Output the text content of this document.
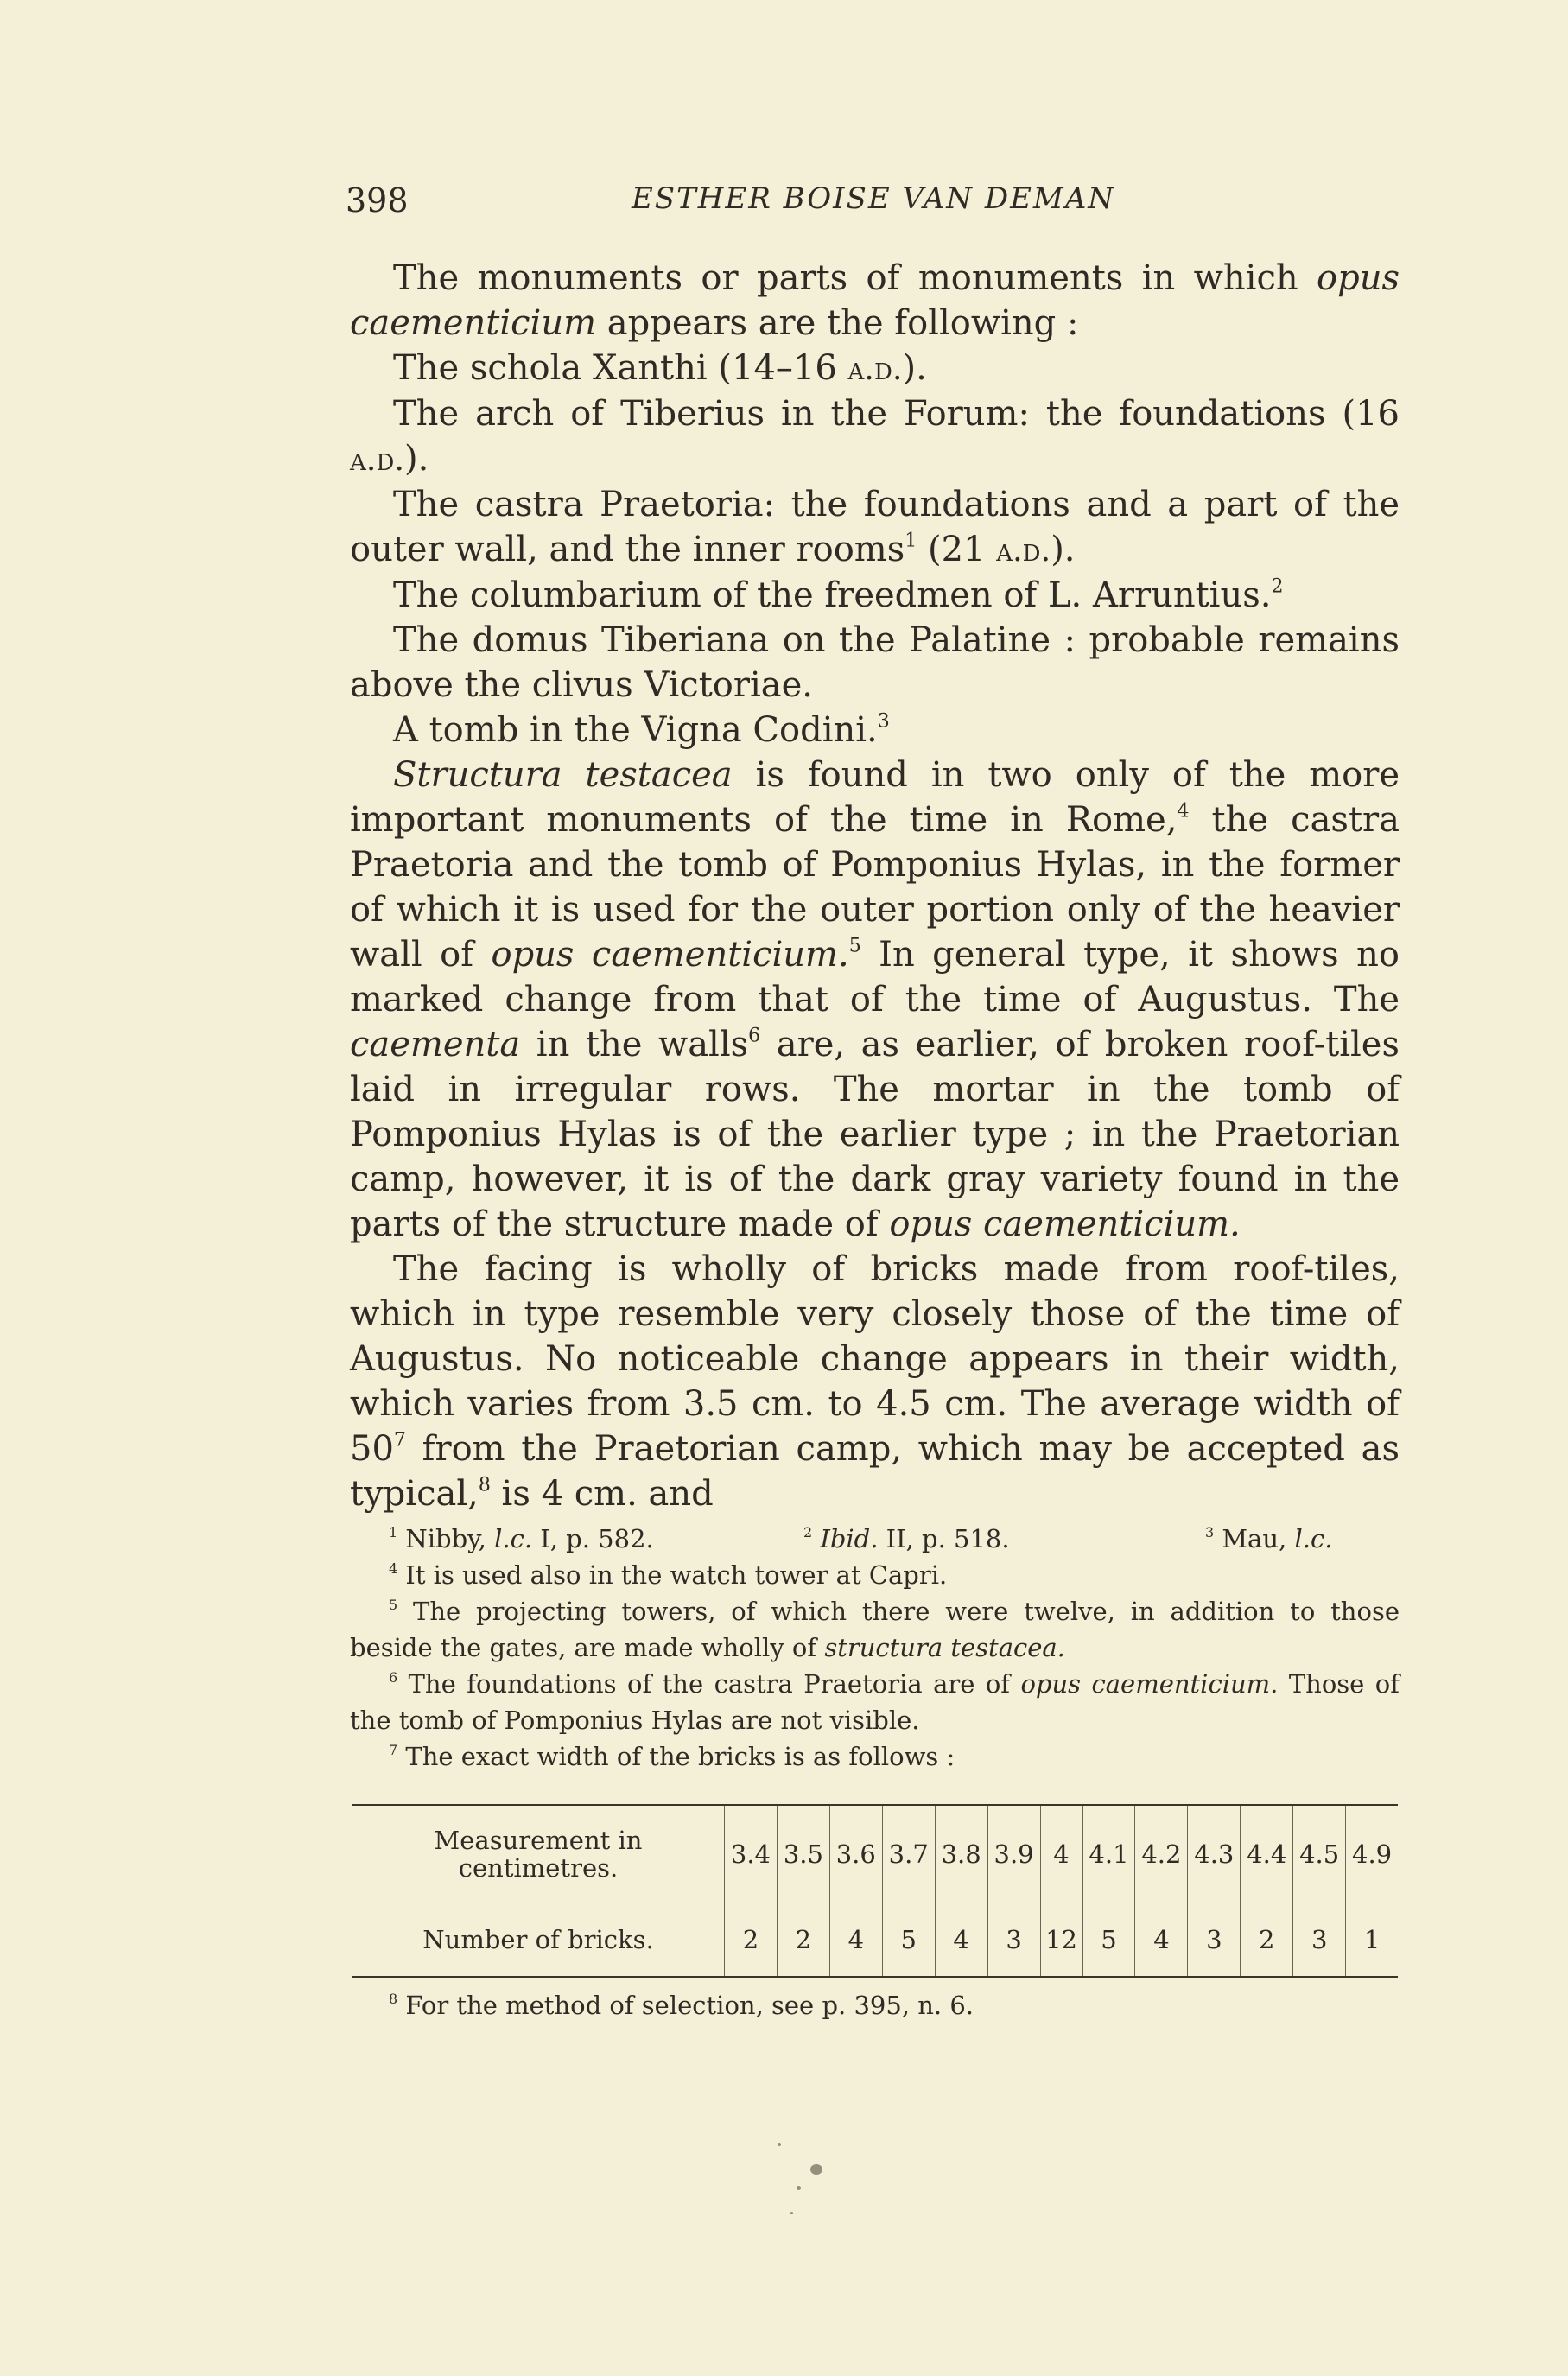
398	ESTHER BOISE VAN DEMAN

The monuments or parts of monuments in which opus caementicium appears are the following :

The schola Xanthi (14–16 a.d.).

The arch of Tiberius in the Forum: the foundations (16 a.d.).

The castra Praetoria: the foundations and a part of the outer wall, and the inner rooms$^1$ (21 a.d.).

The columbarium of the freedmen of L. Arruntius.$^2$

The domus Tiberiana on the Palatine : probable remains above the clivus Victoriae.

A tomb in the Vigna Codini.$^3$

Structura testacea is found in two only of the more important monuments of the time in Rome,$^4$ the castra Praetoria and the tomb of Pomponius Hylas, in the former of which it is used for the outer portion only of the heavier wall of opus caementicium.$^5$ In general type, it shows no marked change from that of the time of Augustus. The caementa in the walls$^6$ are, as earlier, of broken roof-tiles laid in irregular rows. The mortar in the tomb of Pomponius Hylas is of the earlier type ; in the Praetorian camp, however, it is of the dark gray variety found in the parts of the structure made of opus caementicium.

The facing is wholly of bricks made from roof-tiles, which in type resemble very closely those of the time of Augustus. No noticeable change appears in their width, which varies from 3.5 cm. to 4.5 cm. The average width of $50^7$ from the Praetorian camp, which may be accepted as typical,$^8$ is 4 cm. and

$^1$ Nibby, l.c. I, p. 582.	$^2$ Ibid. II, p. 518.	$^3$ Mau, l.c.

$^4$ It is used also in the watch tower at Capri.

$^5$ The projecting towers, of which there were twelve, in addition to those beside the gates, are made wholly of structura testacea.

$^6$ The foundations of the castra Praetoria are of opus caementicium. Those of the tomb of Pomponius Hylas are not visible.

$^7$ The exact width of the bricks is as follows :

Measurement in centimetres.	3.4	3.5	3.6	3.7	3.8	3.9	4	4.1	4.2	4.3	4.4	4.5	4.9
Number of bricks.	2	2	4	5	4	3	12	5	4	3	2	3	1

$^8$ For the method of selection, see p. 395, n. 6.
